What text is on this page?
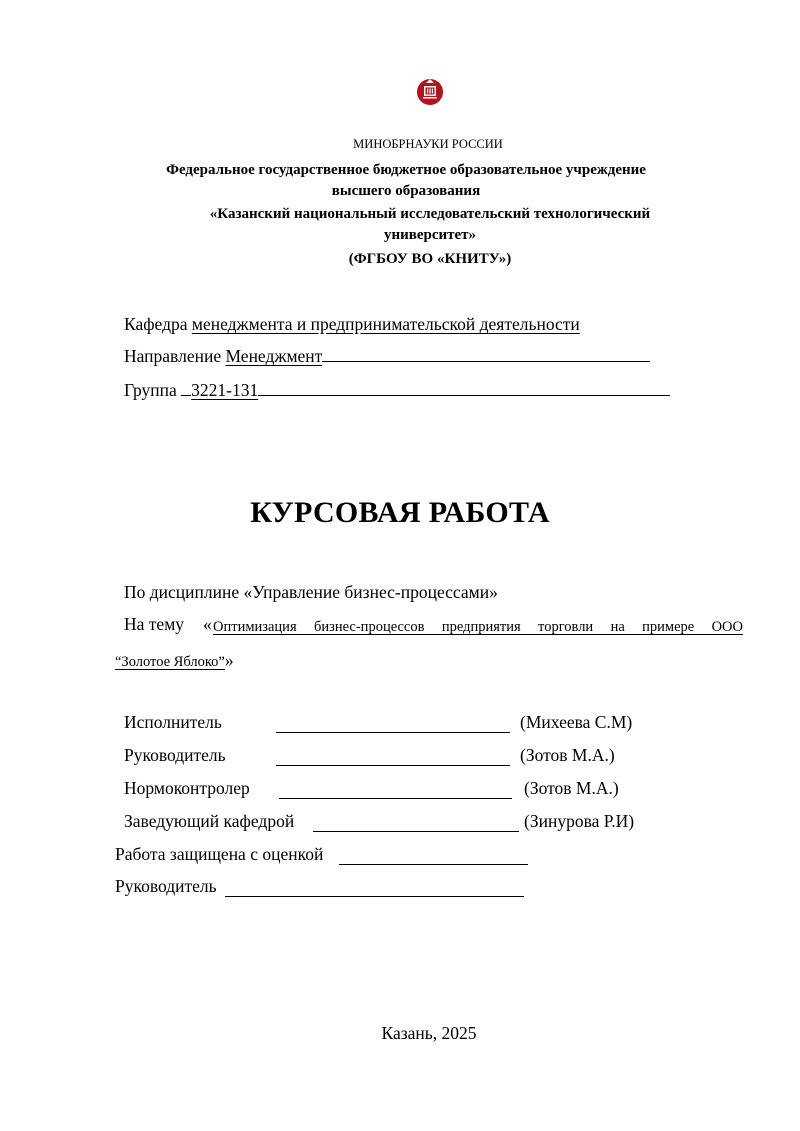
МИНОБРНАУКИ РОССИИ
Федеральное государственное бюджетное образовательное учреждение
высшего образования
«Казанский национальный исследовательский технологический
университет»
(ФГБОУ ВО «КНИТУ»)
Кафедра менеджмента и предпринимательской деятельности
Направление Менеджмент
Группа 3221-131
КУРСОВАЯ РАБОТА
По дисциплине «Управление бизнес-процессами»
На тему « Оптимизация бизнес-процессов предприятия торговли на примере ООО
“Золотое Яблоко”»
Исполнитель	(Михеева С.М)
Руководитель	(Зотов М.А.)
Нормоконтролер	(Зотов М.А.)
Заведующий кафедрой	(Зинурова Р.И)
Работа защищена с оценкой
Руководитель
Казань, 2025
